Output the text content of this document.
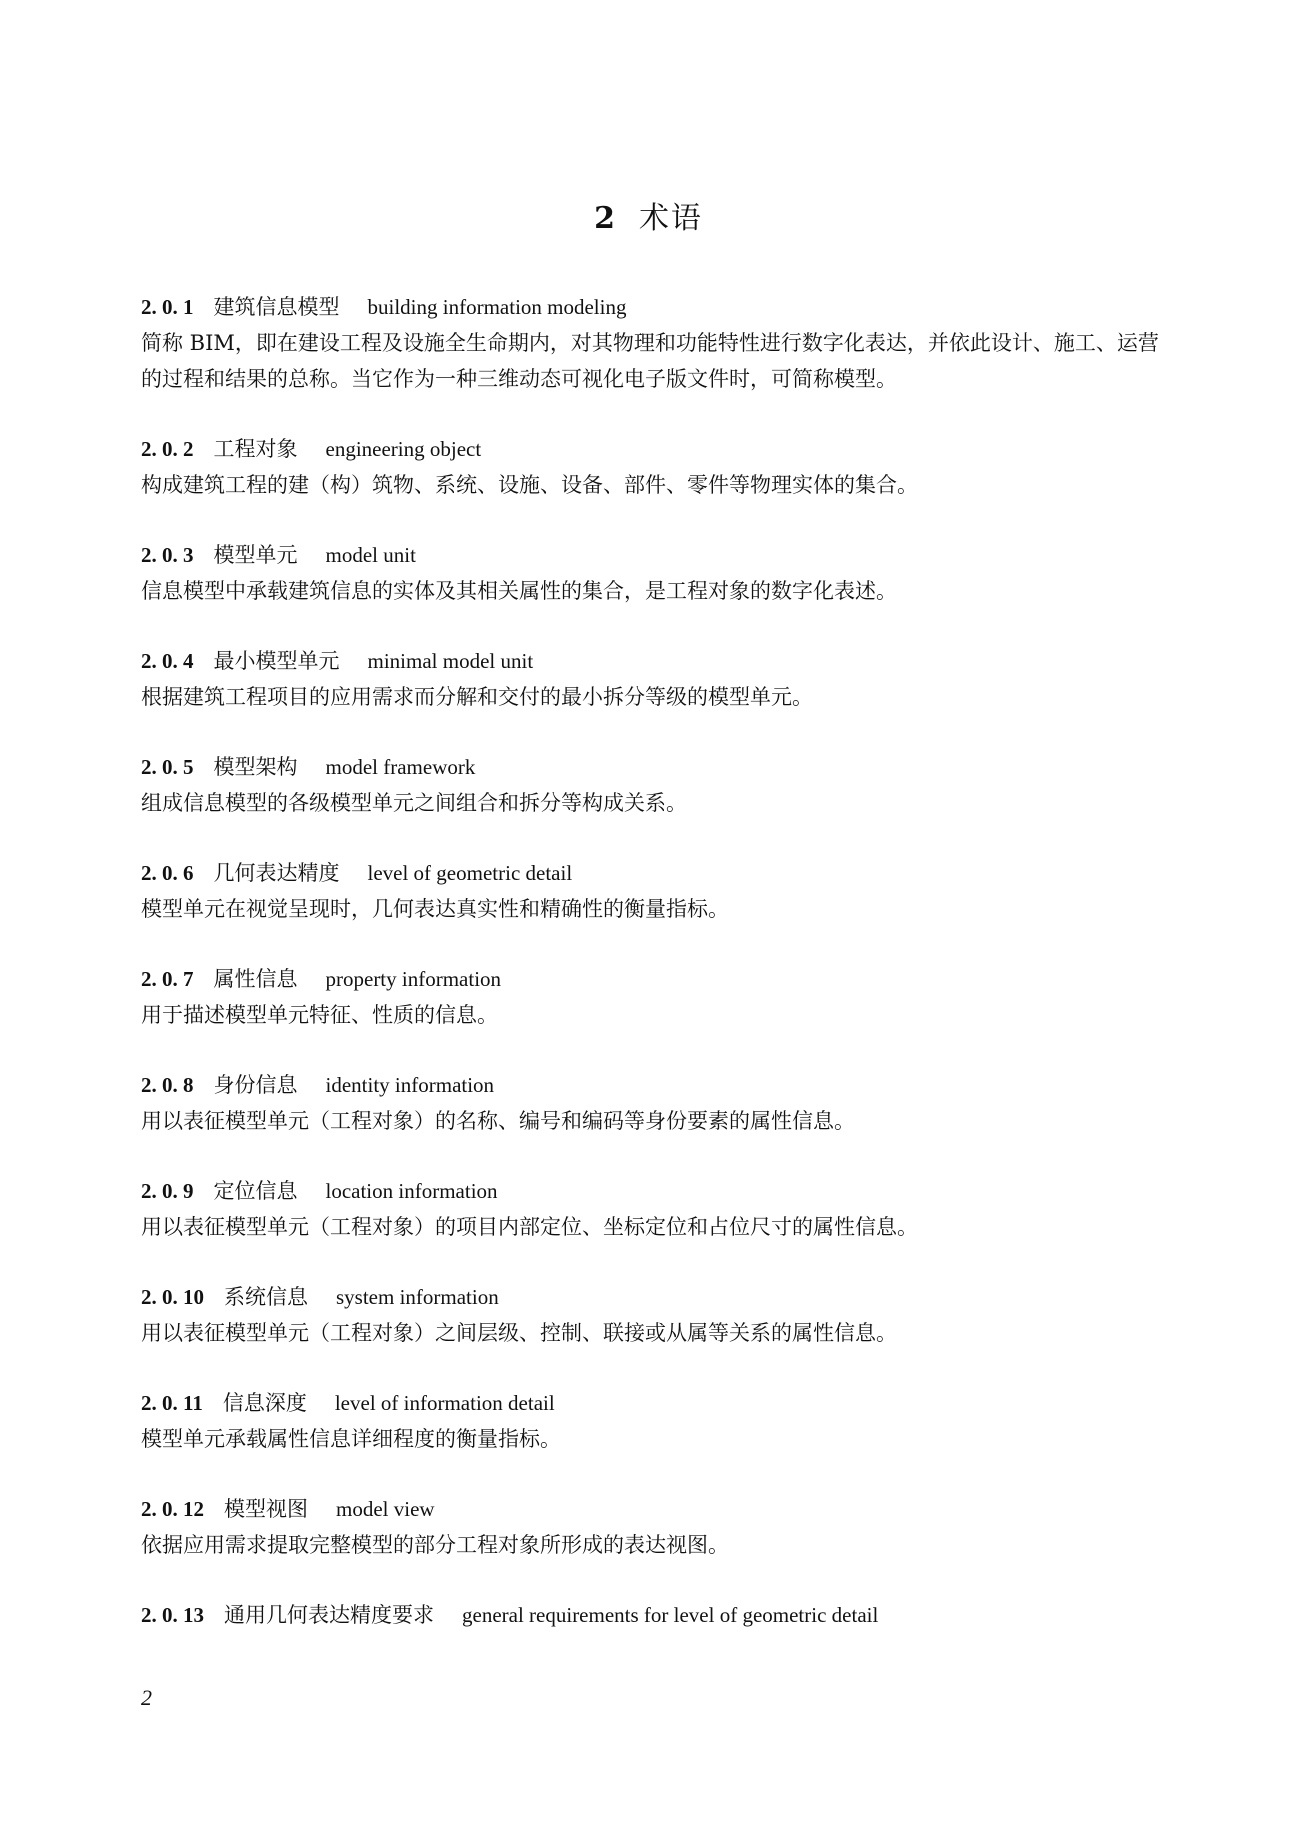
2 术语
2. 0. 1 建筑信息模型 building information modeling
简称 BIM，即在建设工程及设施全生命期内，对其物理和功能特性进行数字化表达，并依此设计、施工、运营的过程和结果的总称。当它作为一种三维动态可视化电子版文件时，可简称模型。
2. 0. 2 工程对象 engineering object
构成建筑工程的建（构）筑物、系统、设施、设备、部件、零件等物理实体的集合。
2. 0. 3 模型单元 model unit
信息模型中承载建筑信息的实体及其相关属性的集合，是工程对象的数字化表述。
2. 0. 4 最小模型单元 minimal model unit
根据建筑工程项目的应用需求而分解和交付的最小拆分等级的模型单元。
2. 0. 5 模型架构 model framework
组成信息模型的各级模型单元之间组合和拆分等构成关系。
2. 0. 6 几何表达精度 level of geometric detail
模型单元在视觉呈现时，几何表达真实性和精确性的衡量指标。
2. 0. 7 属性信息 property information
用于描述模型单元特征、性质的信息。
2. 0. 8 身份信息 identity information
用以表征模型单元（工程对象）的名称、编号和编码等身份要素的属性信息。
2. 0. 9 定位信息 location information
用以表征模型单元（工程对象）的项目内部定位、坐标定位和占位尺寸的属性信息。
2. 0. 10 系统信息 system information
用以表征模型单元（工程对象）之间层级、控制、联接或从属等关系的属性信息。
2. 0. 11 信息深度 level of information detail
模型单元承载属性信息详细程度的衡量指标。
2. 0. 12 模型视图 model view
依据应用需求提取完整模型的部分工程对象所形成的表达视图。
2. 0. 13 通用几何表达精度要求 general requirements for level of geometric detail
2
